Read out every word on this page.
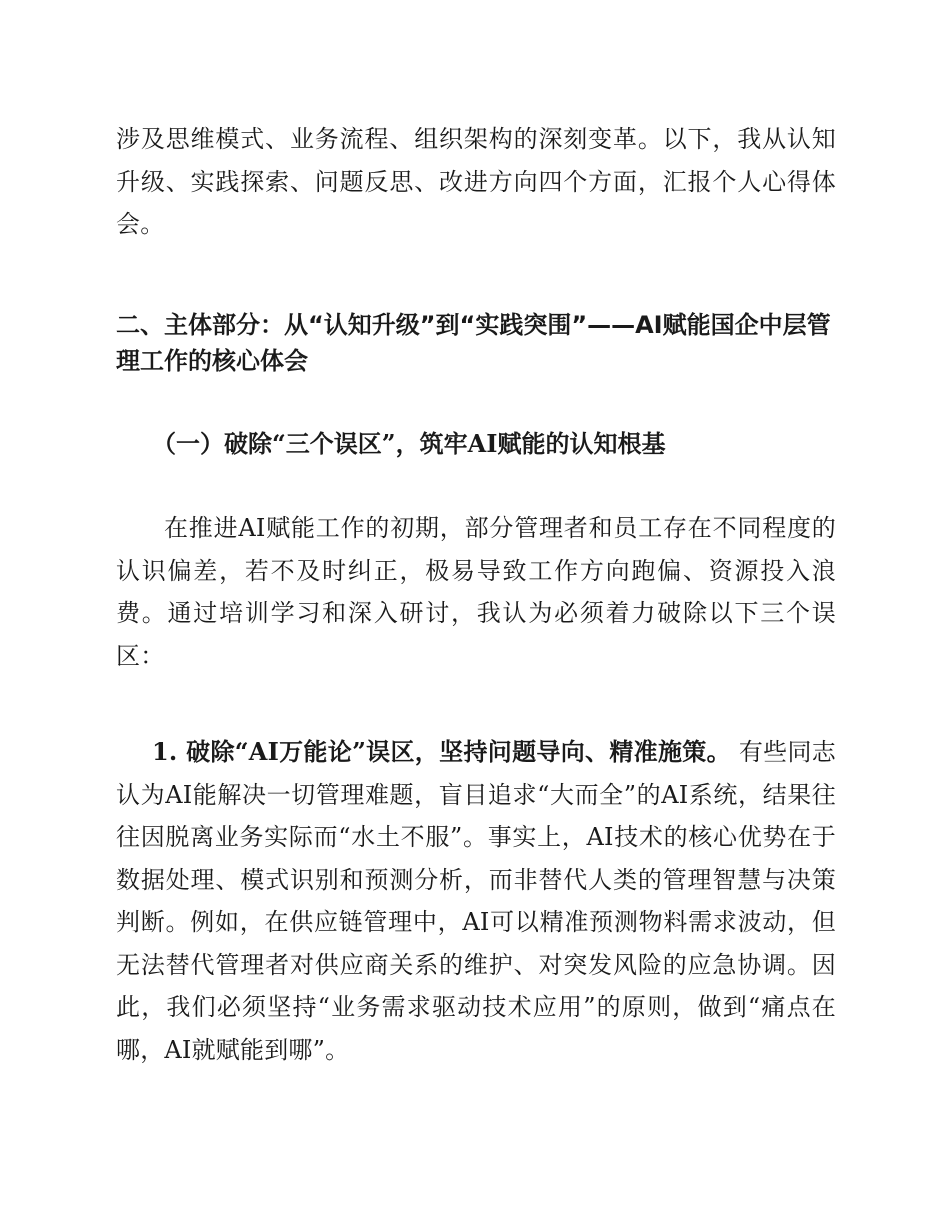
涉及思维模式、业务流程、组织架构的深刻变革。以下，我从认知升级、实践探索、问题反思、改进方向四个方面，汇报个人心得体会。

二、主体部分：从“认知升级”到“实践突围”——AI赋能国企中层管理工作的核心体会
（一）破除“三个误区”，筑牢AI赋能的认知根基

在推进AI赋能工作的初期，部分管理者和员工存在不同程度的认识偏差，若不及时纠正，极易导致工作方向跑偏、资源投入浪费。通过培训学习和深入研讨，我认为必须着力破除以下三个误区：

1. 破除“AI万能论”误区，坚持问题导向、精准施策。 有些同志认为AI能解决一切管理难题，盲目追求“大而全”的AI系统，结果往往因脱离业务实际而“水土不服”。事实上，AI技术的核心优势在于数据处理、模式识别和预测分析，而非替代人类的管理智慧与决策判断。例如，在供应链管理中，AI可以精准预测物料需求波动，但无法替代管理者对供应商关系的维护、对突发风险的应急协调。因此，我们必须坚持“业务需求驱动技术应用”的原则，做到“痛点在哪，AI就赋能到哪”。
